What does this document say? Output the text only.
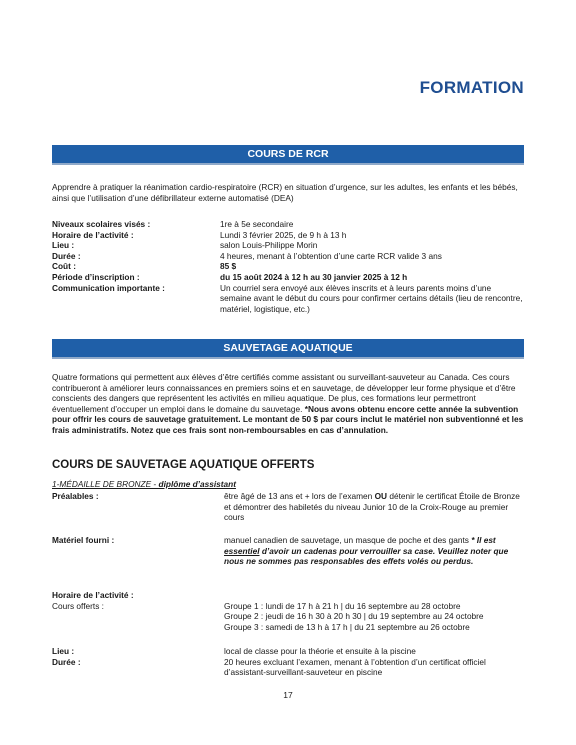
FORMATION
COURS DE RCR
Apprendre à pratiquer la réanimation cardio-respiratoire (RCR) en situation d’urgence, sur les adultes, les enfants et les bébés, ainsi que l’utilisation d’une défibrillateur externe automatisé (DEA)
Niveaux scolaires visés :	1re à 5e secondaire
Horaire de l’activité :	Lundi 3 février 2025, de 9 h à 13 h
Lieu :	salon Louis-Philippe Morin
Durée :	4 heures, menant à l’obtention d’une carte RCR valide 3 ans
Coût :	85 $
Période d’inscription :	du 15 août 2024 à 12 h au 30 janvier 2025 à 12 h
Communication importante :	Un courriel sera envoyé aux élèves inscrits et à leurs parents moins d’une semaine avant le début du cours pour confirmer certains détails (lieu de rencontre, matériel, logistique, etc.)
SAUVETAGE AQUATIQUE
Quatre formations qui permettent aux élèves d’être certifiés comme assistant ou surveillant-sauveteur au Canada. Ces cours contribueront à améliorer leurs connaissances en premiers soins et en sauvetage, de développer leur forme physique et d’être conscients des dangers que représentent les activités en milieu aquatique. De plus, ces formations leur permettront éventuellement d’occuper un emploi dans le domaine du sauvetage. *Nous avons obtenu encore cette année la subvention pour offrir les cours de sauvetage gratuitement. Le montant de 50 $ par cours inclut le matériel non subventionné et les frais administratifs. Notez que ces frais sont non-remboursables en cas d’annulation.
COURS DE SAUVETAGE AQUATIQUE OFFERTS
1-MÉDAILLE DE BRONZE - diplôme d’assistant
Préalables :	être âgé de 13 ans et + lors de l’examen OU détenir le certificat Étoile de Bronze et démontrer des habiletés du niveau Junior 10 de la Croix-Rouge au premier cours
Matériel fourni :	manuel canadien de sauvetage, un masque de poche et des gants * Il est essentiel d’avoir un cadenas pour verrouiller sa case. Veuillez noter que nous ne sommes pas responsables des effets volés ou perdus.
Horaire de l’activité :
Cours offerts :	Groupe 1 : lundi de 17 h à 21 h | du 16 septembre au 28 octobre
Groupe 2 : jeudi de 16 h 30 à 20 h 30 | du 19 septembre au 24 octobre
Groupe 3 : samedi de 13 h à 17 h | du 21 septembre au 26 octobre
Lieu :	local de classe pour la théorie et ensuite à la piscine
Durée :	20 heures excluant l’examen, menant à l’obtention d’un certificat officiel d’assistant-surveillant-sauveteur en piscine
17
